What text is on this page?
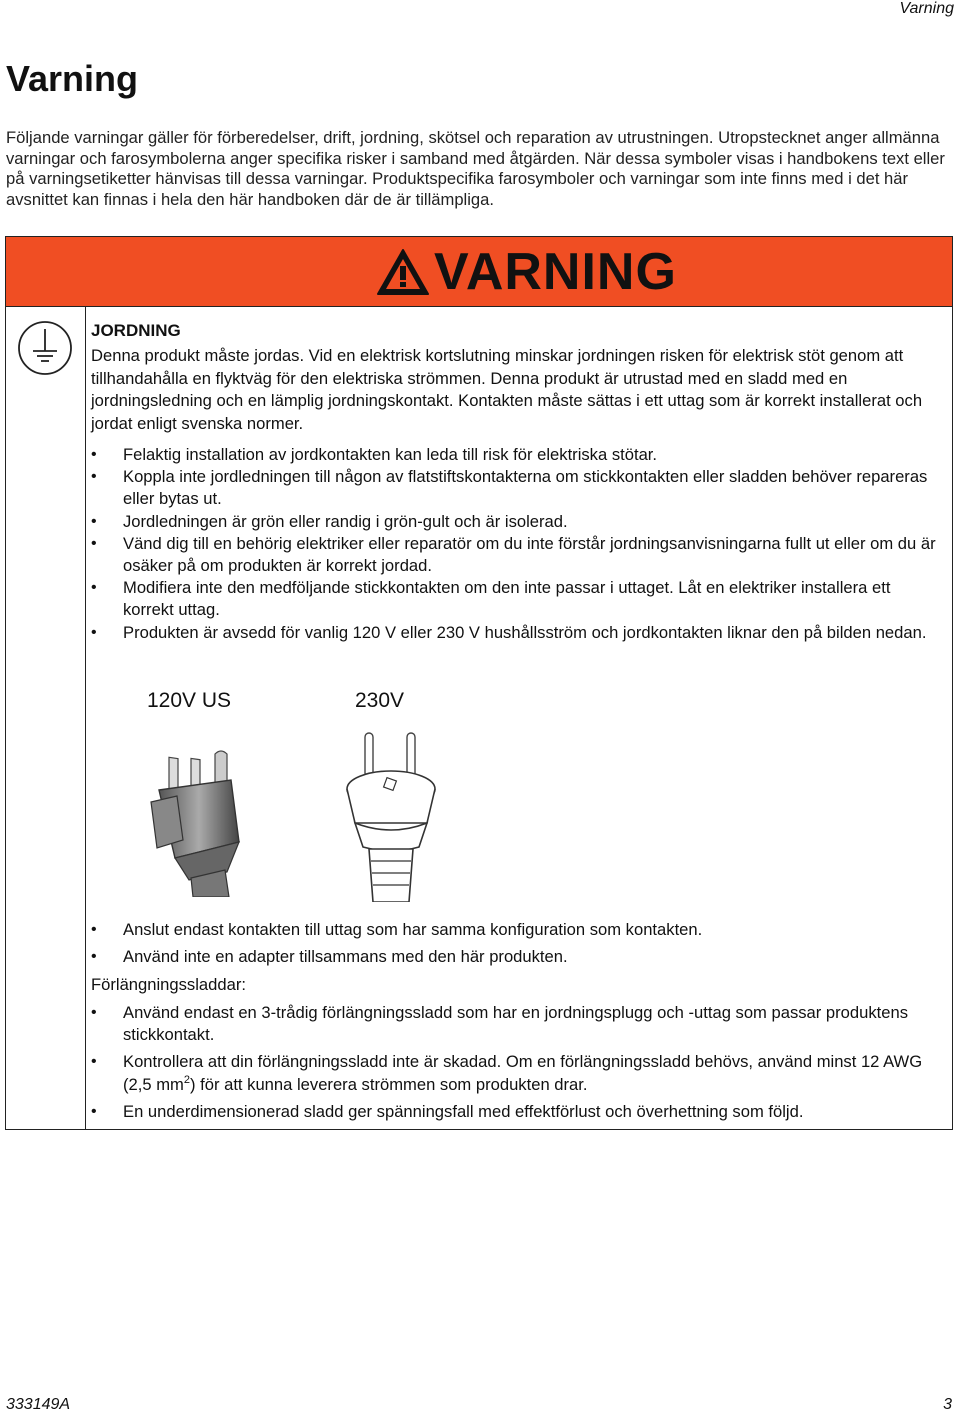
Varning
Varning

Följande varningar gäller för förberedelser, drift, jordning, skötsel och reparation av utrustningen. Utropstecknet anger allmänna varningar och farosymbolerna anger specifika risker i samband med åtgärden. När dessa symboler visas i handbokens text eller på varningsetiketter hänvisas till dessa varningar. Produktspecifika farosymboler och varningar som inte finns med i det här avsnittet kan finnas i hela den här handboken där de är tillämpliga.

VARNING
JORDNING

Denna produkt måste jordas. Vid en elektrisk kortslutning minskar jordningen risken för elektrisk stöt genom att tillhandahålla en flyktväg för den elektriska strömmen. Denna produkt är utrustad med en sladd med en jordningsledning och en lämplig jordningskontakt. Kontakten måste sättas i ett uttag som är korrekt installerat och jordat enligt svenska normer.

• Felaktig installation av jordkontakten kan leda till risk för elektriska stötar.
• Koppla inte jordledningen till någon av flatstiftskontakterna om stickkontakten eller sladden behöver repareras eller bytas ut.
• Jordledningen är grön eller randig i grön-gult och är isolerad.
• Vänd dig till en behörig elektriker eller reparatör om du inte förstår jordningsanvisningarna fullt ut eller om du är osäker på om produkten är korrekt jordad.
• Modifiera inte den medföljande stickkontakten om den inte passar i uttaget. Låt en elektriker installera ett korrekt uttag.
• Produkten är avsedd för vanlig 120 V eller 230 V hushållsström och jordkontakten liknar den på bilden nedan.
120V US	230V
• Anslut endast kontakten till uttag som har samma konfiguration som kontakten.
• Använd inte en adapter tillsammans med den här produkten.
Förlängningssladdar:
• Använd endast en 3-trådig förlängningssladd som har en jordningsplugg och -uttag som passar produktens stickkontakt.
• Kontrollera att din förlängningssladd inte är skadad. Om en förlängningssladd behövs, använd minst 12 AWG (2,5 $mm^2$) för att kunna leverera strömmen som produkten drar.
• En underdimensionerad sladd ger spänningsfall med effektförlust och överhettning som följd.
333149A	3
